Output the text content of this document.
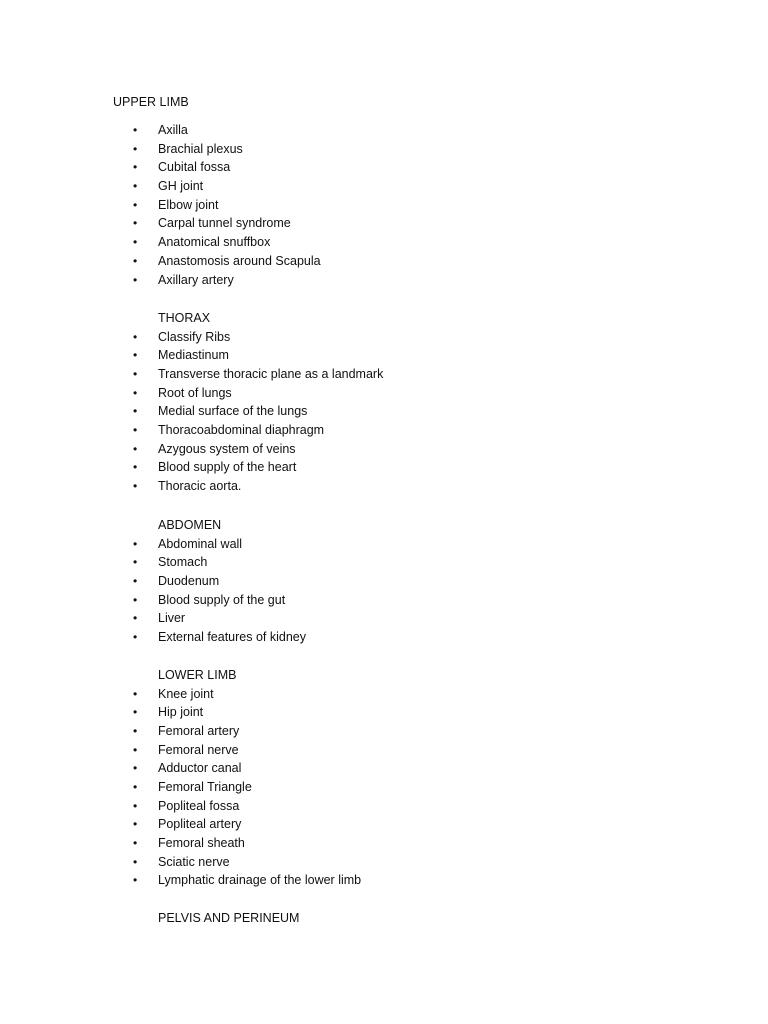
UPPER LIMB
• Axilla
• Brachial plexus
• Cubital fossa
• GH joint
• Elbow joint
• Carpal tunnel syndrome
• Anatomical snuffbox
• Anastomosis around Scapula
• Axillary artery
THORAX
• Classify Ribs
• Mediastinum
• Transverse thoracic plane as a landmark
• Root of lungs
• Medial surface of the lungs
• Thoracoabdominal diaphragm
• Azygous system of veins
• Blood supply of the heart
• Thoracic aorta.
ABDOMEN
• Abdominal wall
• Stomach
• Duodenum
• Blood supply of the gut
• Liver
• External features of kidney
LOWER LIMB
• Knee joint
• Hip joint
• Femoral artery
• Femoral nerve
• Adductor canal
• Femoral Triangle
• Popliteal fossa
• Popliteal artery
• Femoral sheath
• Sciatic nerve
• Lymphatic drainage of the lower limb
PELVIS AND PERINEUM
